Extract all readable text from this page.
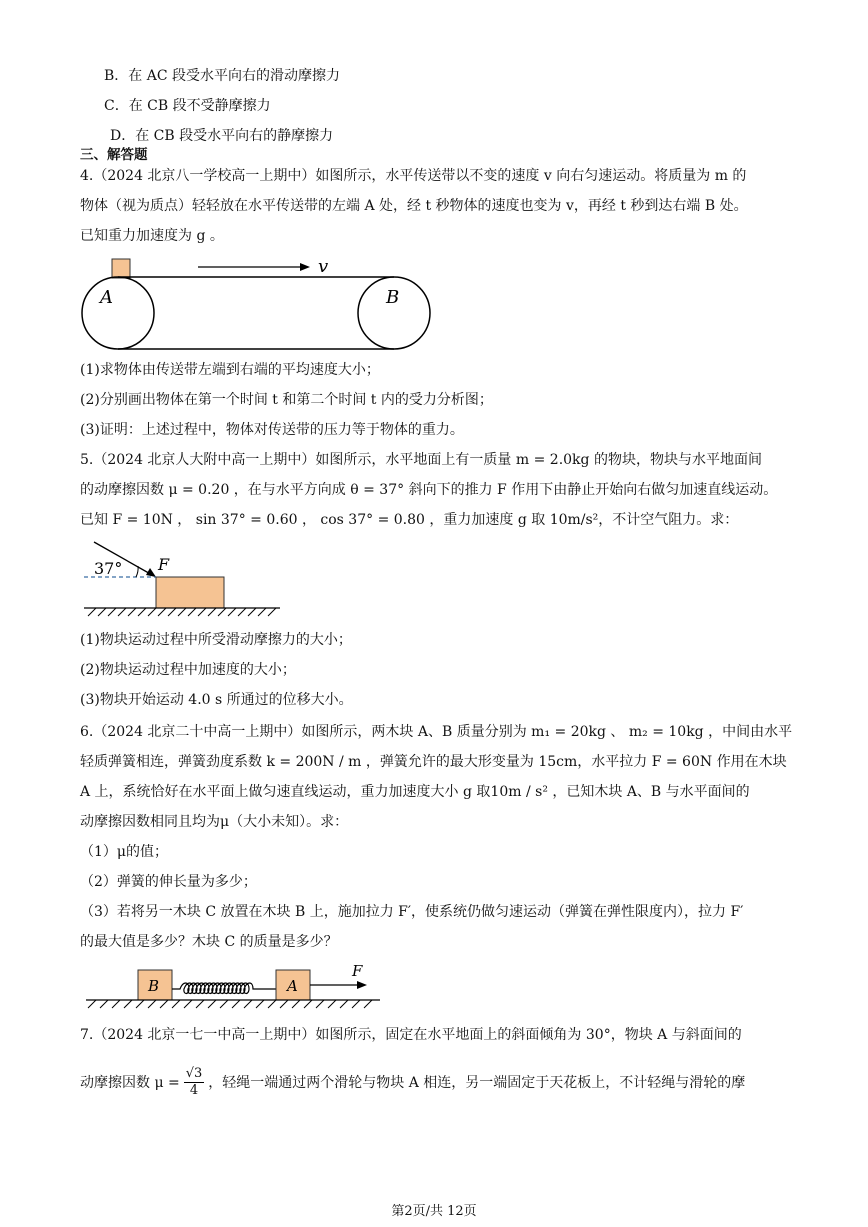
B．在 AC 段受水平向右的滑动摩擦力
C．在 CB 段不受静摩擦力
D．在 CB 段受水平向右的静摩擦力
三、解答题
4.（2024 北京八一学校高一上期中）如图所示，水平传送带以不变的速度 v 向右匀速运动。将质量为 m 的
物体（视为质点）轻轻放在水平传送带的左端 A 处，经 t 秒物体的速度也变为 v，再经 t 秒到达右端 B 处。
已知重力加速度为 g 。
v
A	B
(1)求物体由传送带左端到右端的平均速度大小；
(2)分别画出物体在第一个时间 t 和第二个时间 t 内的受力分析图；
(3)证明：上述过程中，物体对传送带的压力等于物体的重力。
5.（2024 北京人大附中高一上期中）如图所示，水平地面上有一质量 m = 2.0kg 的物块，物块与水平地面间
的动摩擦因数 μ = 0.20 ，在与水平方向成 θ = 37° 斜向下的推力 F 作用下由静止开始向右做匀加速直线运动。
已知 F = 10N ， sin 37° = 0.60 ， cos 37° = 0.80 ，重力加速度 g 取 10m/s²，不计空气阻力。求：
37° F
(1)物块运动过程中所受滑动摩擦力的大小；
(2)物块运动过程中加速度的大小；
(3)物块开始运动 4.0 s 所通过的位移大小。
6.（2024 北京二十中高一上期中）如图所示，两木块 A、B 质量分别为 m₁ = 20kg 、 m₂ = 10kg ，中间由水平
轻质弹簧相连，弹簧劲度系数 k = 200N / m ，弹簧允许的最大形变量为 15cm，水平拉力 F = 60N 作用在木块
A 上，系统恰好在水平面上做匀速直线运动，重力加速度大小 g 取10m / s² ，已知木块 A、B 与水平面间的
动摩擦因数相同且均为μ（大小未知）。求：
（1）μ的值；
（2）弹簧的伸长量为多少；
（3）若将另一木块 C 放置在木块 B 上，施加拉力 F′，使系统仍做匀速运动（弹簧在弹性限度内），拉力 F′
的最大值是多少？木块 C 的质量是多少？
B	A
F
7.（2024 北京一七一中高一上期中）如图所示，固定在水平地面上的斜面倾角为 30°，物块 A 与斜面间的
动摩擦因数 $\mu = \frac{√3}{4}$ ，轻绳一端通过两个滑轮与物块 A 相连，另一端固定于天花板上，不计轻绳与滑轮的摩
第2页/共 12页
